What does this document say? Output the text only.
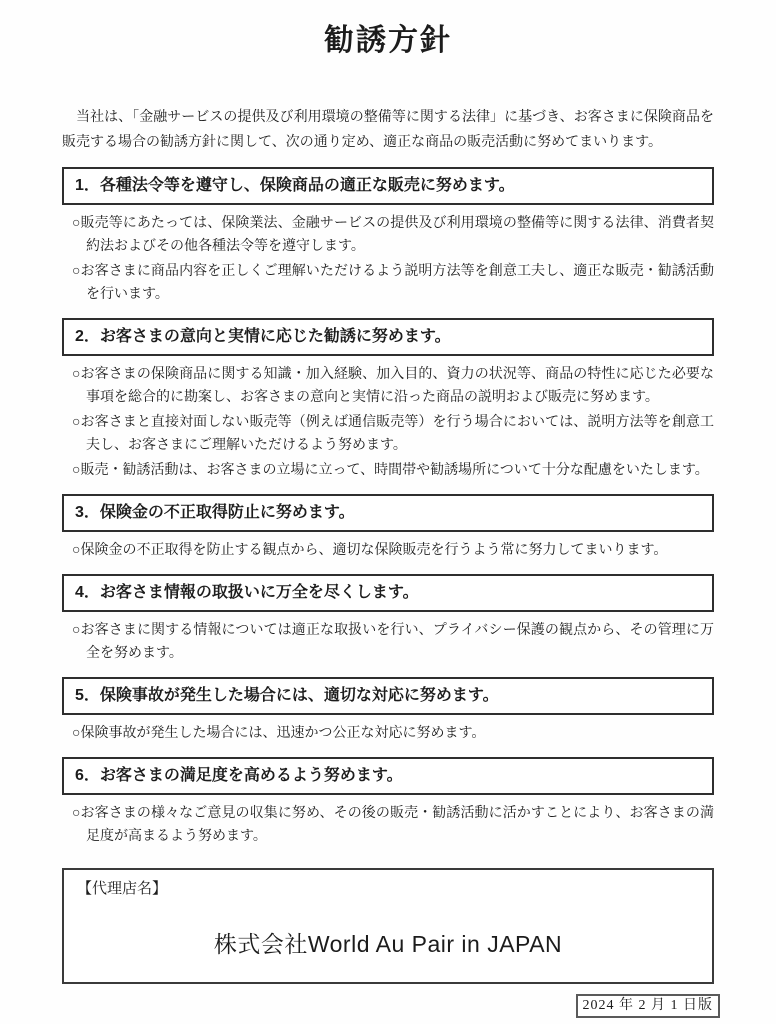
勧誘方針

　当社は、「金融サービスの提供及び利用環境の整備等に関する法律」に基づき、お客さまに保険商品を販売する場合の勧誘方針に関して、次の通り定め、適正な商品の販売活動に努めてまいります。

1．各種法令等を遵守し、保険商品の適正な販売に努めます。
○販売等にあたっては、保険業法、金融サービスの提供及び利用環境の整備等に関する法律、消費者契約法およびその他各種法令等を遵守します。
○お客さまに商品内容を正しくご理解いただけるよう説明方法等を創意工夫し、適正な販売・勧誘活動を行います。
2．お客さまの意向と実情に応じた勧誘に努めます。
○お客さまの保険商品に関する知識・加入経験、加入目的、資力の状況等、商品の特性に応じた必要な事項を総合的に勘案し、お客さまの意向と実情に沿った商品の説明および販売に努めます。
○お客さまと直接対面しない販売等（例えば通信販売等）を行う場合においては、説明方法等を創意工夫し、お客さまにご理解いただけるよう努めます。
○販売・勧誘活動は、お客さまの立場に立って、時間帯や勧誘場所について十分な配慮をいたします。
3．保険金の不正取得防止に努めます。
○保険金の不正取得を防止する観点から、適切な保険販売を行うよう常に努力してまいります。
4．お客さま情報の取扱いに万全を尽くします。
○お客さまに関する情報については適正な取扱いを行い、プライバシー保護の観点から、その管理に万全を努めます。
5．保険事故が発生した場合には、適切な対応に努めます。
○保険事故が発生した場合には、迅速かつ公正な対応に努めます。
6．お客さまの満足度を高めるよう努めます。
○お客さまの様々なご意見の収集に努め、その後の販売・勧誘活動に活かすことにより、お客さまの満足度が高まるよう努めます。
【代理店名】
株式会社World Au Pair in JAPAN
2024 年 2 月 1 日版
